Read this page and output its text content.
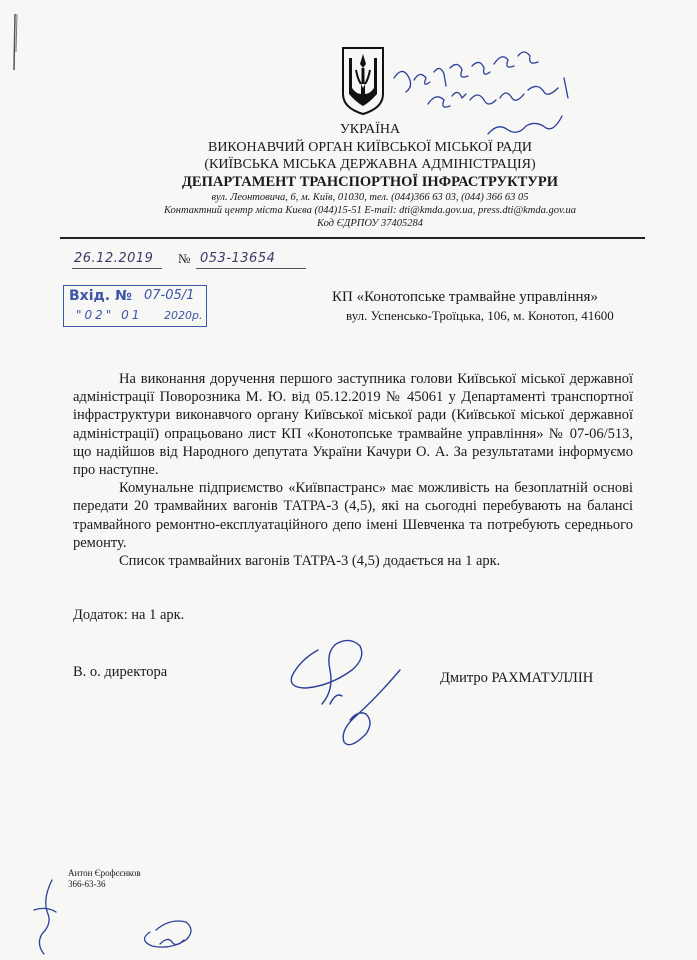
УКРАЇНА
ВИКОНАВЧИЙ ОРГАН КИЇВСЬКОЇ МІСЬКОЇ РАДИ
(КИЇВСЬКА МІСЬКА ДЕРЖАВНА АДМІНІСТРАЦІЯ)
ДЕПАРТАМЕНТ ТРАНСПОРТНОЇ ІНФРАСТРУКТУРИ
вул. Леонтовича, 6, м. Київ, 01030, тел. (044)366 63 03, (044) 366 63 05
Контактний центр міста Києва (044)15-51 E-mail: dti@kmda.gov.ua, press.dti@kmda.gov.ua
Код ЄДРПОУ 37405284
26.12.2019 № 053-13654
Вхід. № 07-05/1
"02" 01 2020р.
КП «Конотопське трамвайне управління»
вул. Успенсько-Троїцька, 106, м. Конотоп, 41600

На виконання доручення першого заступника голови Київської міської державної адміністрації Поворозника М. Ю. від 05.12.2019 № 45061 у Департаменті транспортної інфраструктури виконавчого органу Київської міської ради (Київської міської державної адміністрації) опрацьовано лист КП «Конотопське трамвайне управління» № 07-06/513, що надійшов від Народного депутата України Качури О. А. За результатами інформуємо про наступне.

Комунальне підприємство «Київпастранс» має можливість на безоплатній основі передати 20 трамвайних вагонів ТАТРА-3 (4,5), які на сьогодні перебувають на балансі трамвайного ремонтно-експлуатаційного депо імені Шевченка та потребують середнього ремонту.

Список трамвайних вагонів ТАТРА-3 (4,5) додається на 1 арк.

Додаток: на 1 арк.
В. о. директора	Дмитро РАХМАТУЛЛІН
Антон Єрофєєнков
366-63-36
